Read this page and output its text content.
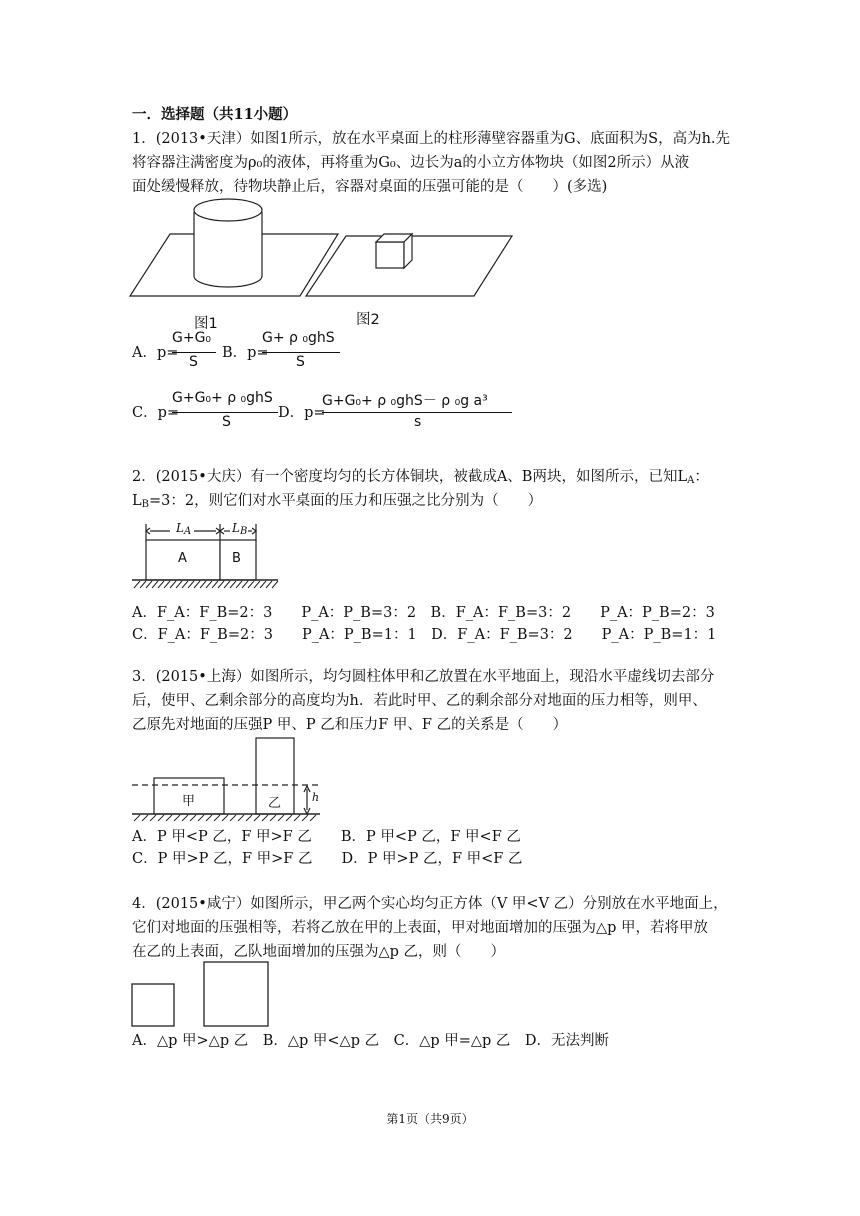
一．选择题（共11小题）
1．(2013•天津）如图1所示，放在水平桌面上的柱形薄壁容器重为G、底面积为S，高为h.先
将容器注满密度为ρ₀的液体，再将重为G₀、边长为a的小立方体物块（如图2所示）从液
面处缓慢释放，待物块静止后，容器对桌面的压强可能的是（　　）(多选)
图1	图2
A．p=
G+G₀
S
B．p=
G+ ρ ₀ghS
S
C．p=
G+G₀+ ρ ₀ghS
S
D．p=
G+G₀+ ρ ₀ghS－ ρ ₀g a³
s
2．(2015•大庆）有一个密度均匀的长方体铜块，被截成A、B两块，如图所示，已知$L_A$：
$L_B=3$：2，则它们对水平桌面的压力和压强之比分别为（　　）
$L_A$	$L_B$
A	B
A．F_A：F_B=2：3　　P_A：P_B=3：2　B．F_A：F_B=3：2　　P_A：P_B=2：3
C．F_A：F_B=2：3　　P_A：P_B=1：1　D．F_A：F_B=3：2　　P_A：P_B=1：1
3．(2015•上海）如图所示，均匀圆柱体甲和乙放置在水平地面上，现沿水平虚线切去部分
后，使甲、乙剩余部分的高度均为h．若此时甲、乙的剩余部分对地面的压力相等，则甲、
乙原先对地面的压强P 甲、P 乙和压力F 甲、F 乙的关系是（　　）
甲	乙	h
A．P 甲<P 乙，F 甲>F 乙　　B．P 甲<P 乙，F 甲<F 乙
C．P 甲>P 乙，F 甲>F 乙　　D．P 甲>P 乙，F 甲<F 乙
4．(2015•咸宁）如图所示，甲乙两个实心均匀正方体（V 甲<V 乙）分别放在水平地面上，
它们对地面的压强相等，若将乙放在甲的上表面，甲对地面增加的压强为△p 甲，若将甲放
在乙的上表面，乙队地面增加的压强为△p 乙，则（　　）
A．△p 甲>△p 乙　B．△p 甲<△p 乙　C．△p 甲=△p 乙　D．无法判断
第1页（共9页）
